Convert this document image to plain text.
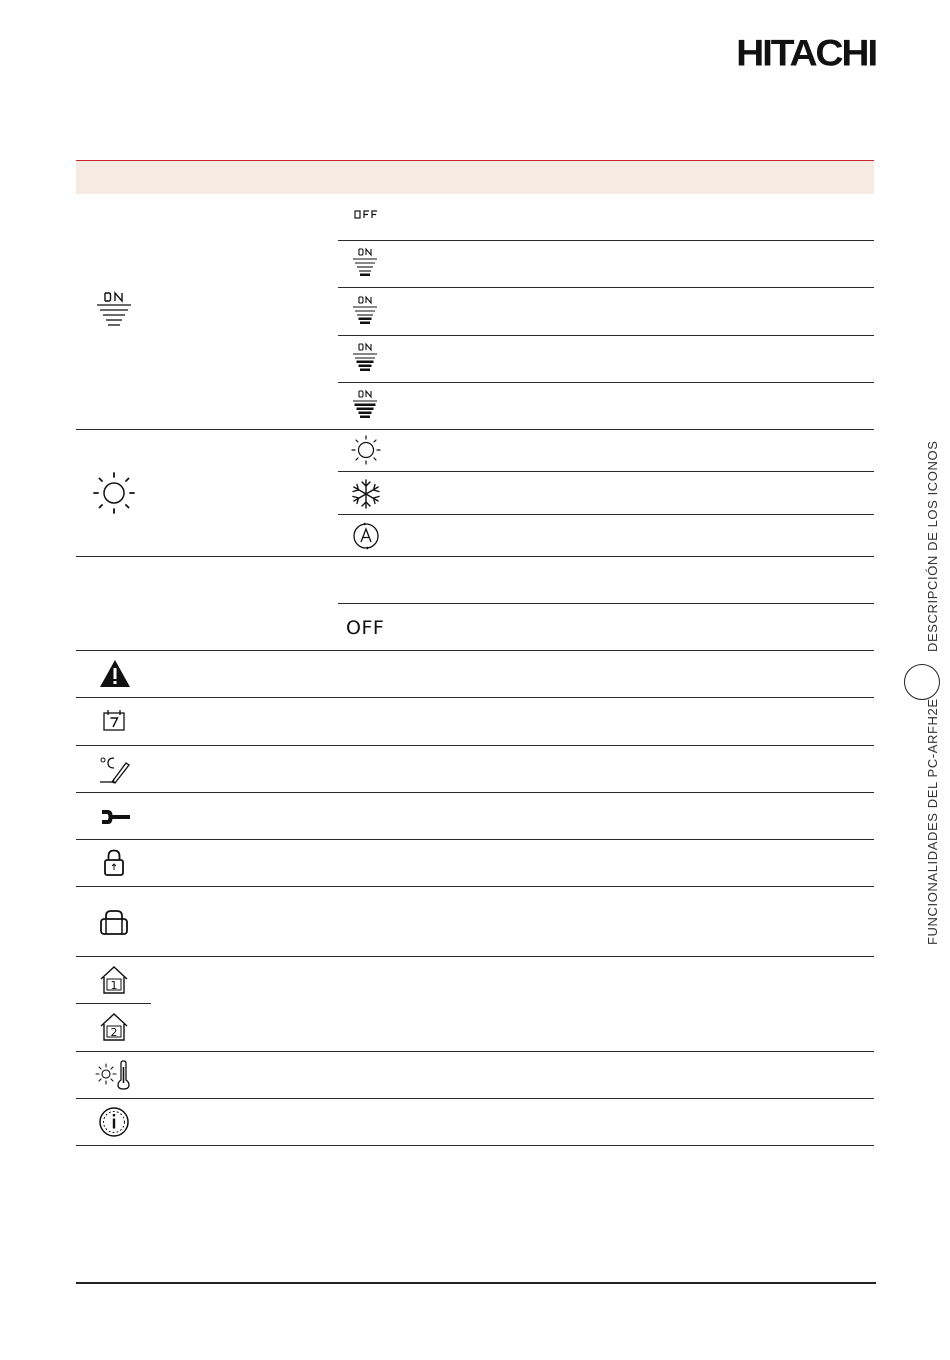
HITACHI
OFF
1
2
FUNCIONALIDADES DEL PC-ARFH2E
DESCRIPCIÓN DE LOS ICONOS
